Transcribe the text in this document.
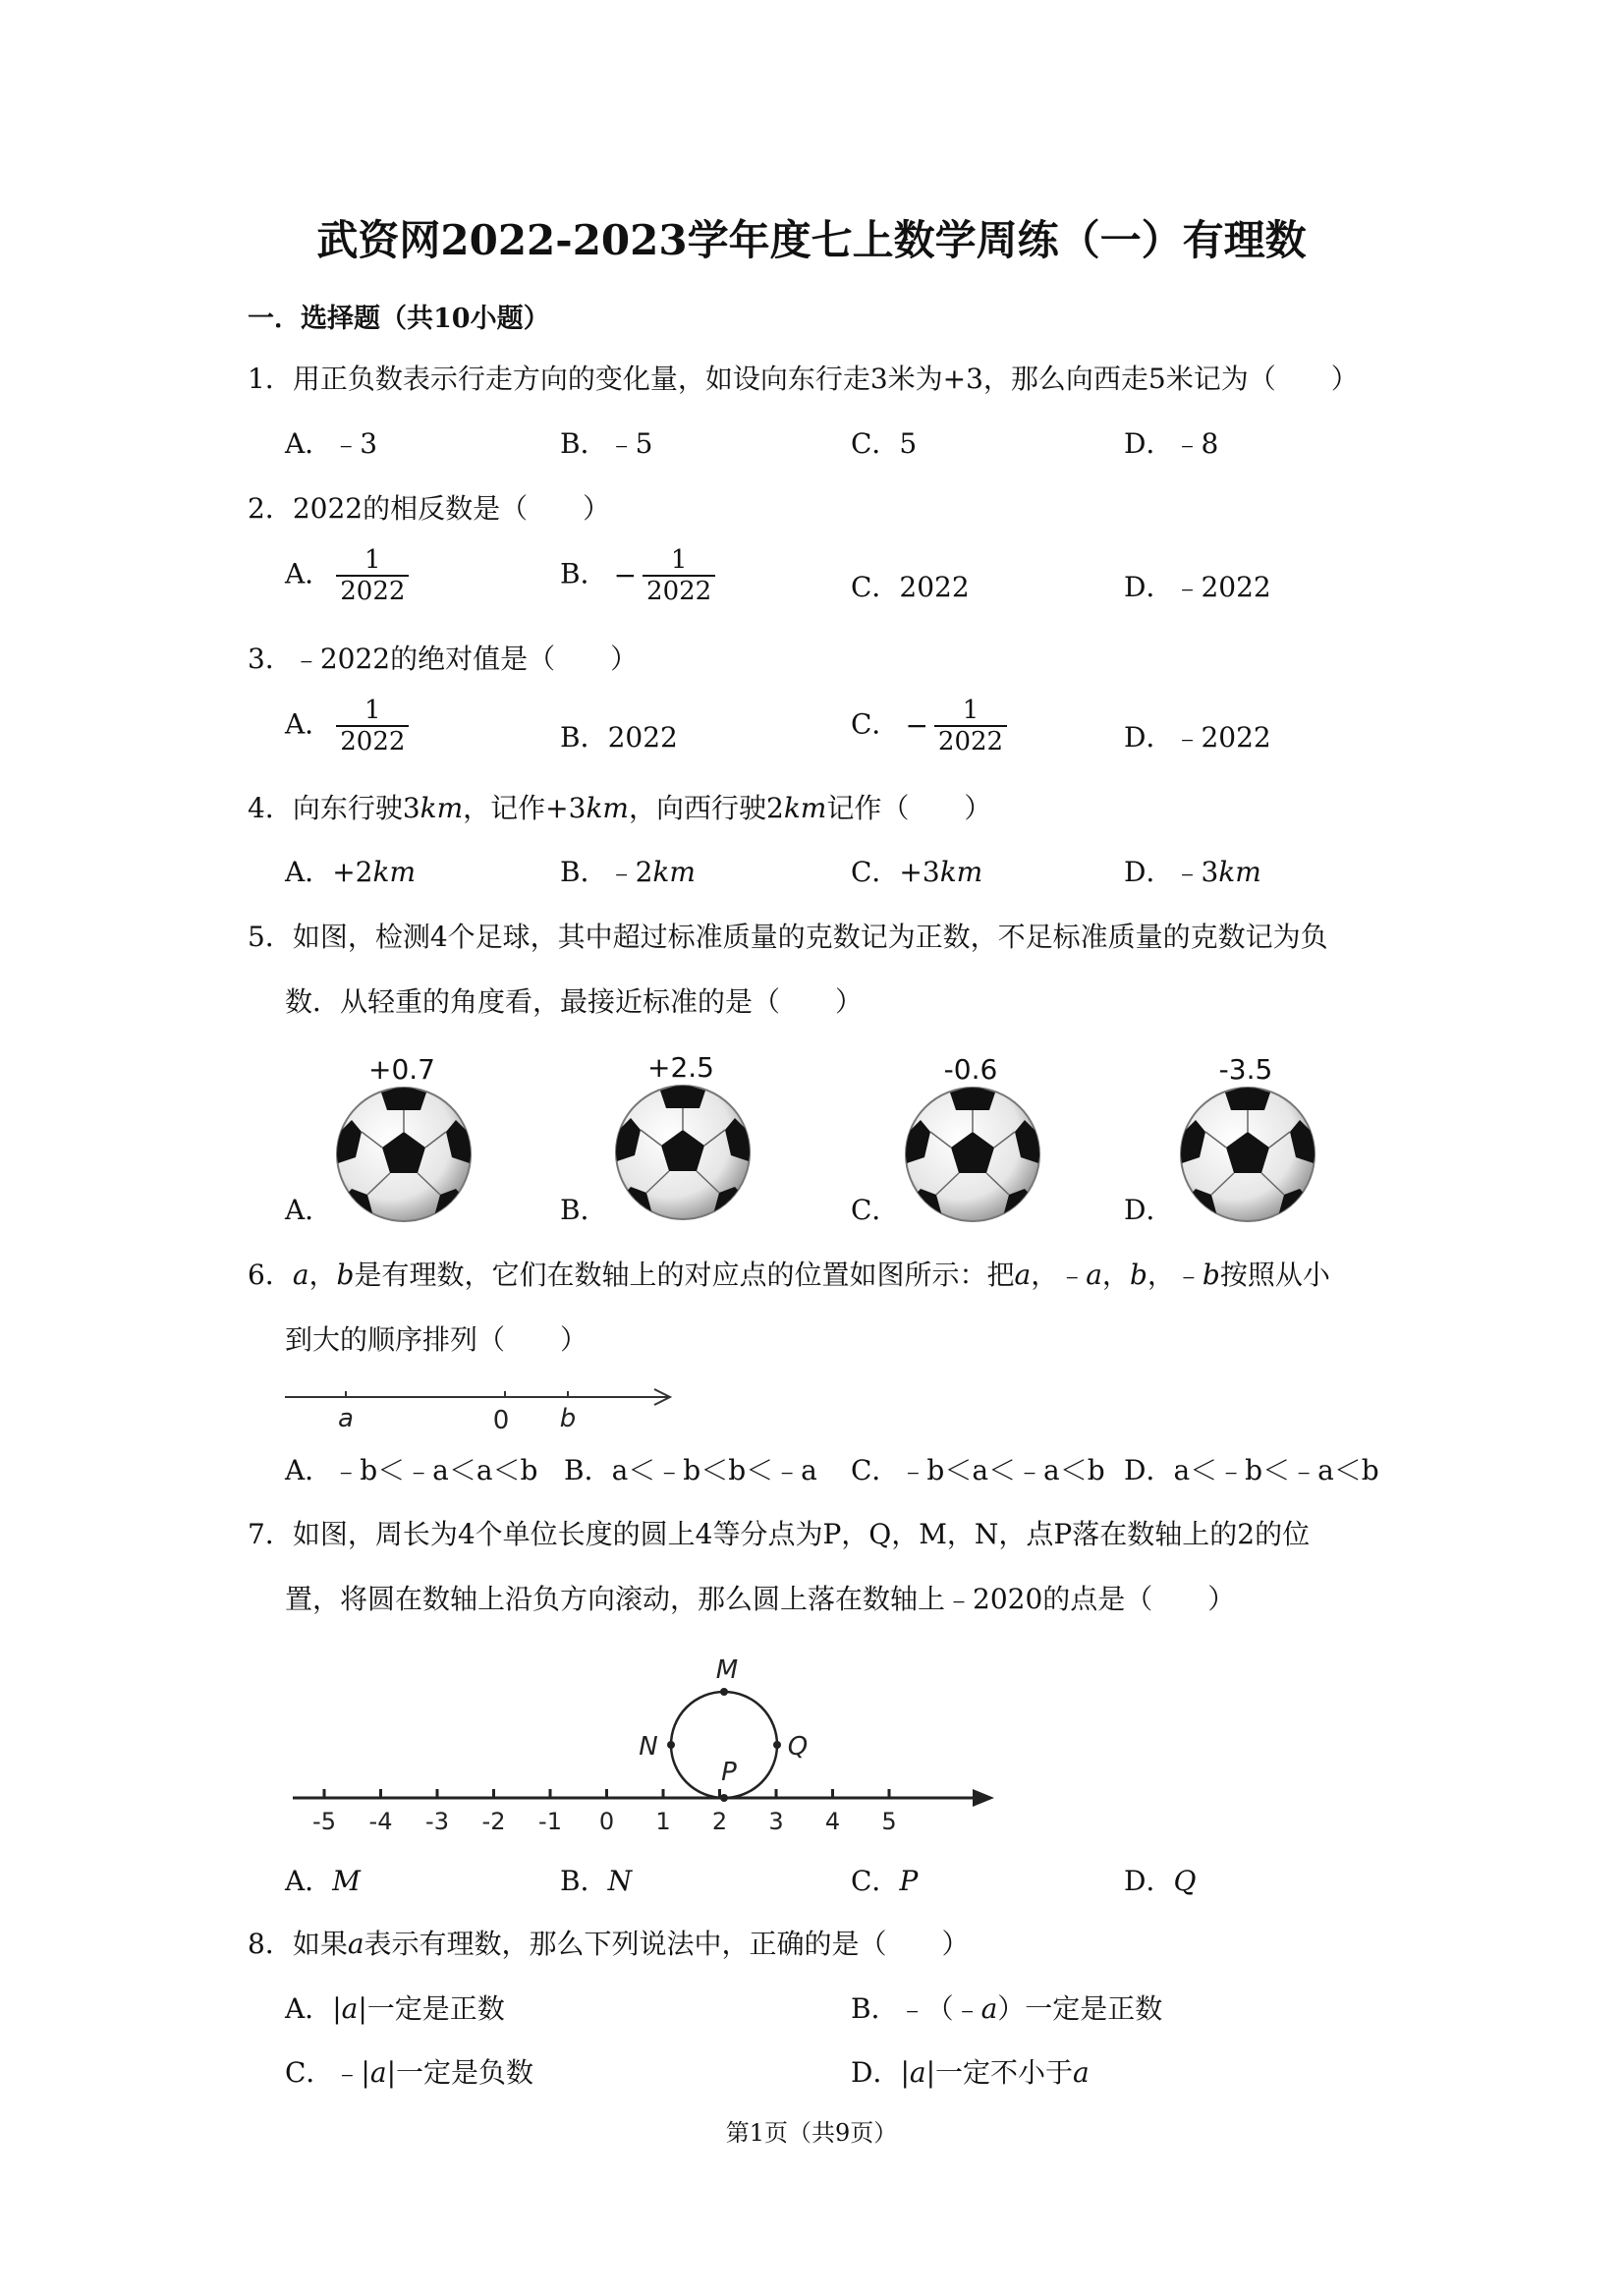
武资网2022-2023学年度七上数学周练（一）有理数
一．选择题（共10小题）
1．用正负数表示行走方向的变化量，如设向东行走3米为+3，那么向西走5米记为（　　）
A．﹣3	B．﹣5	C．5	D．﹣8
2．2022的相反数是（　　）
A． $\frac{1}{2022}$	B． − $\frac{1}{2022}$	C．2022	D．﹣2022
3．﹣2022的绝对值是（　　）
A． $\frac{1}{2022}$	B．2022	C． − $\frac{1}{2022}$	D．﹣2022
4．向东行驶3km，记作+3km，向西行驶2km记作（　　）
A．+2km	B．﹣2km	C．+3km	D．﹣3km
5．如图，检测4个足球，其中超过标准质量的克数记为正数，不足标准质量的克数记为负
数．从轻重的角度看，最接近标准的是（　　）
+0.7	+2.5	-0.6	-3.5
A．	B．	C．	D．
6．a，b是有理数，它们在数轴上的对应点的位置如图所示：把a，﹣a，b，﹣b按照从小
到大的顺序排列（　　）
a	0 b
A．﹣b＜﹣a＜a＜b B．a＜﹣b＜b＜﹣a C．﹣b＜a＜﹣a＜b D．a＜﹣b＜﹣a＜b
7．如图，周长为4个单位长度的圆上4等分点为P，Q，M，N，点P落在数轴上的2的位
置，将圆在数轴上沿负方向滚动，那么圆上落在数轴上﹣2020的点是（　　）
-5 -4 -3 -2 -1 0 1 2 3 4 5
M
N	Q
P
A．M	B．N	C．P	D．Q
8．如果a表示有理数，那么下列说法中，正确的是（　　）
A．|a|一定是正数	B．﹣（﹣a）一定是正数
C．﹣|a|一定是负数	D．|a|一定不小于a
第1页（共9页）
